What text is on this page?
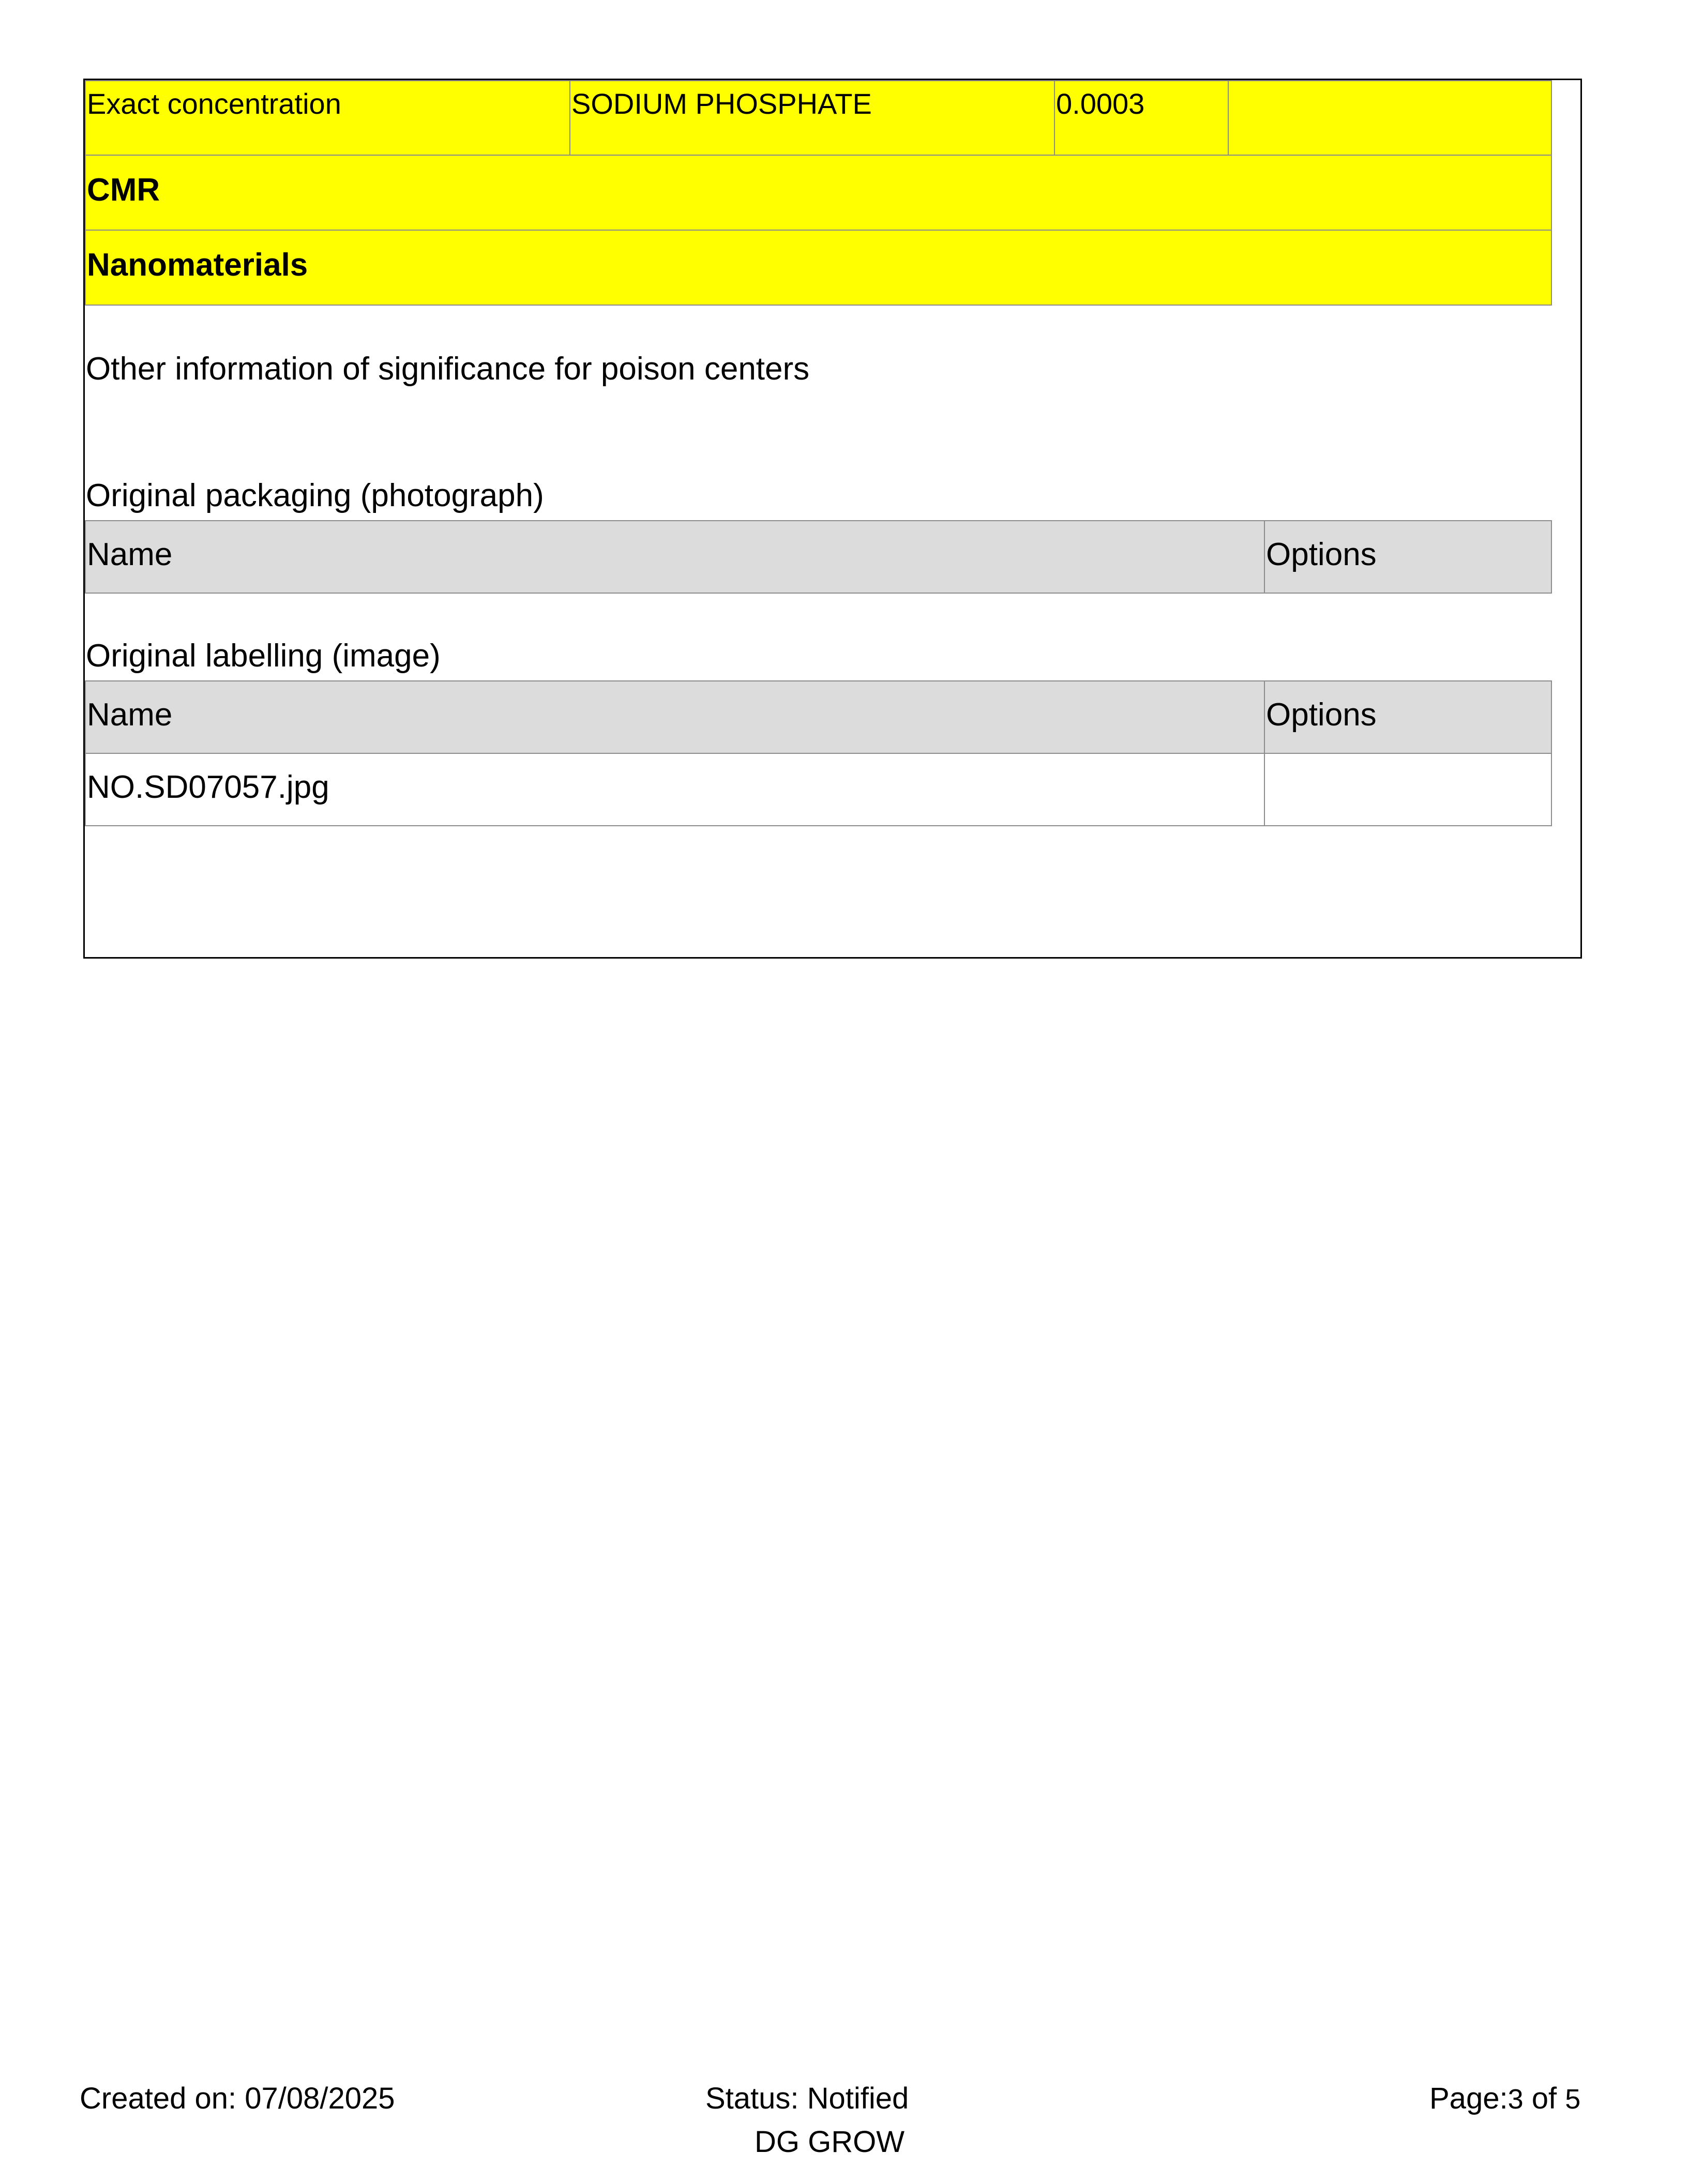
Exact concentration	SODIUM PHOSPHATE	0.0003
CMR
Nanomaterials
Other information of significance for poison centers
Original packaging (photograph)
Name	Options
Original labelling (image)
Name	Options
NO.SD07057.jpg
Created on: 07/08/2025	Status: Notified
DG GROW
Page:3 of 5
